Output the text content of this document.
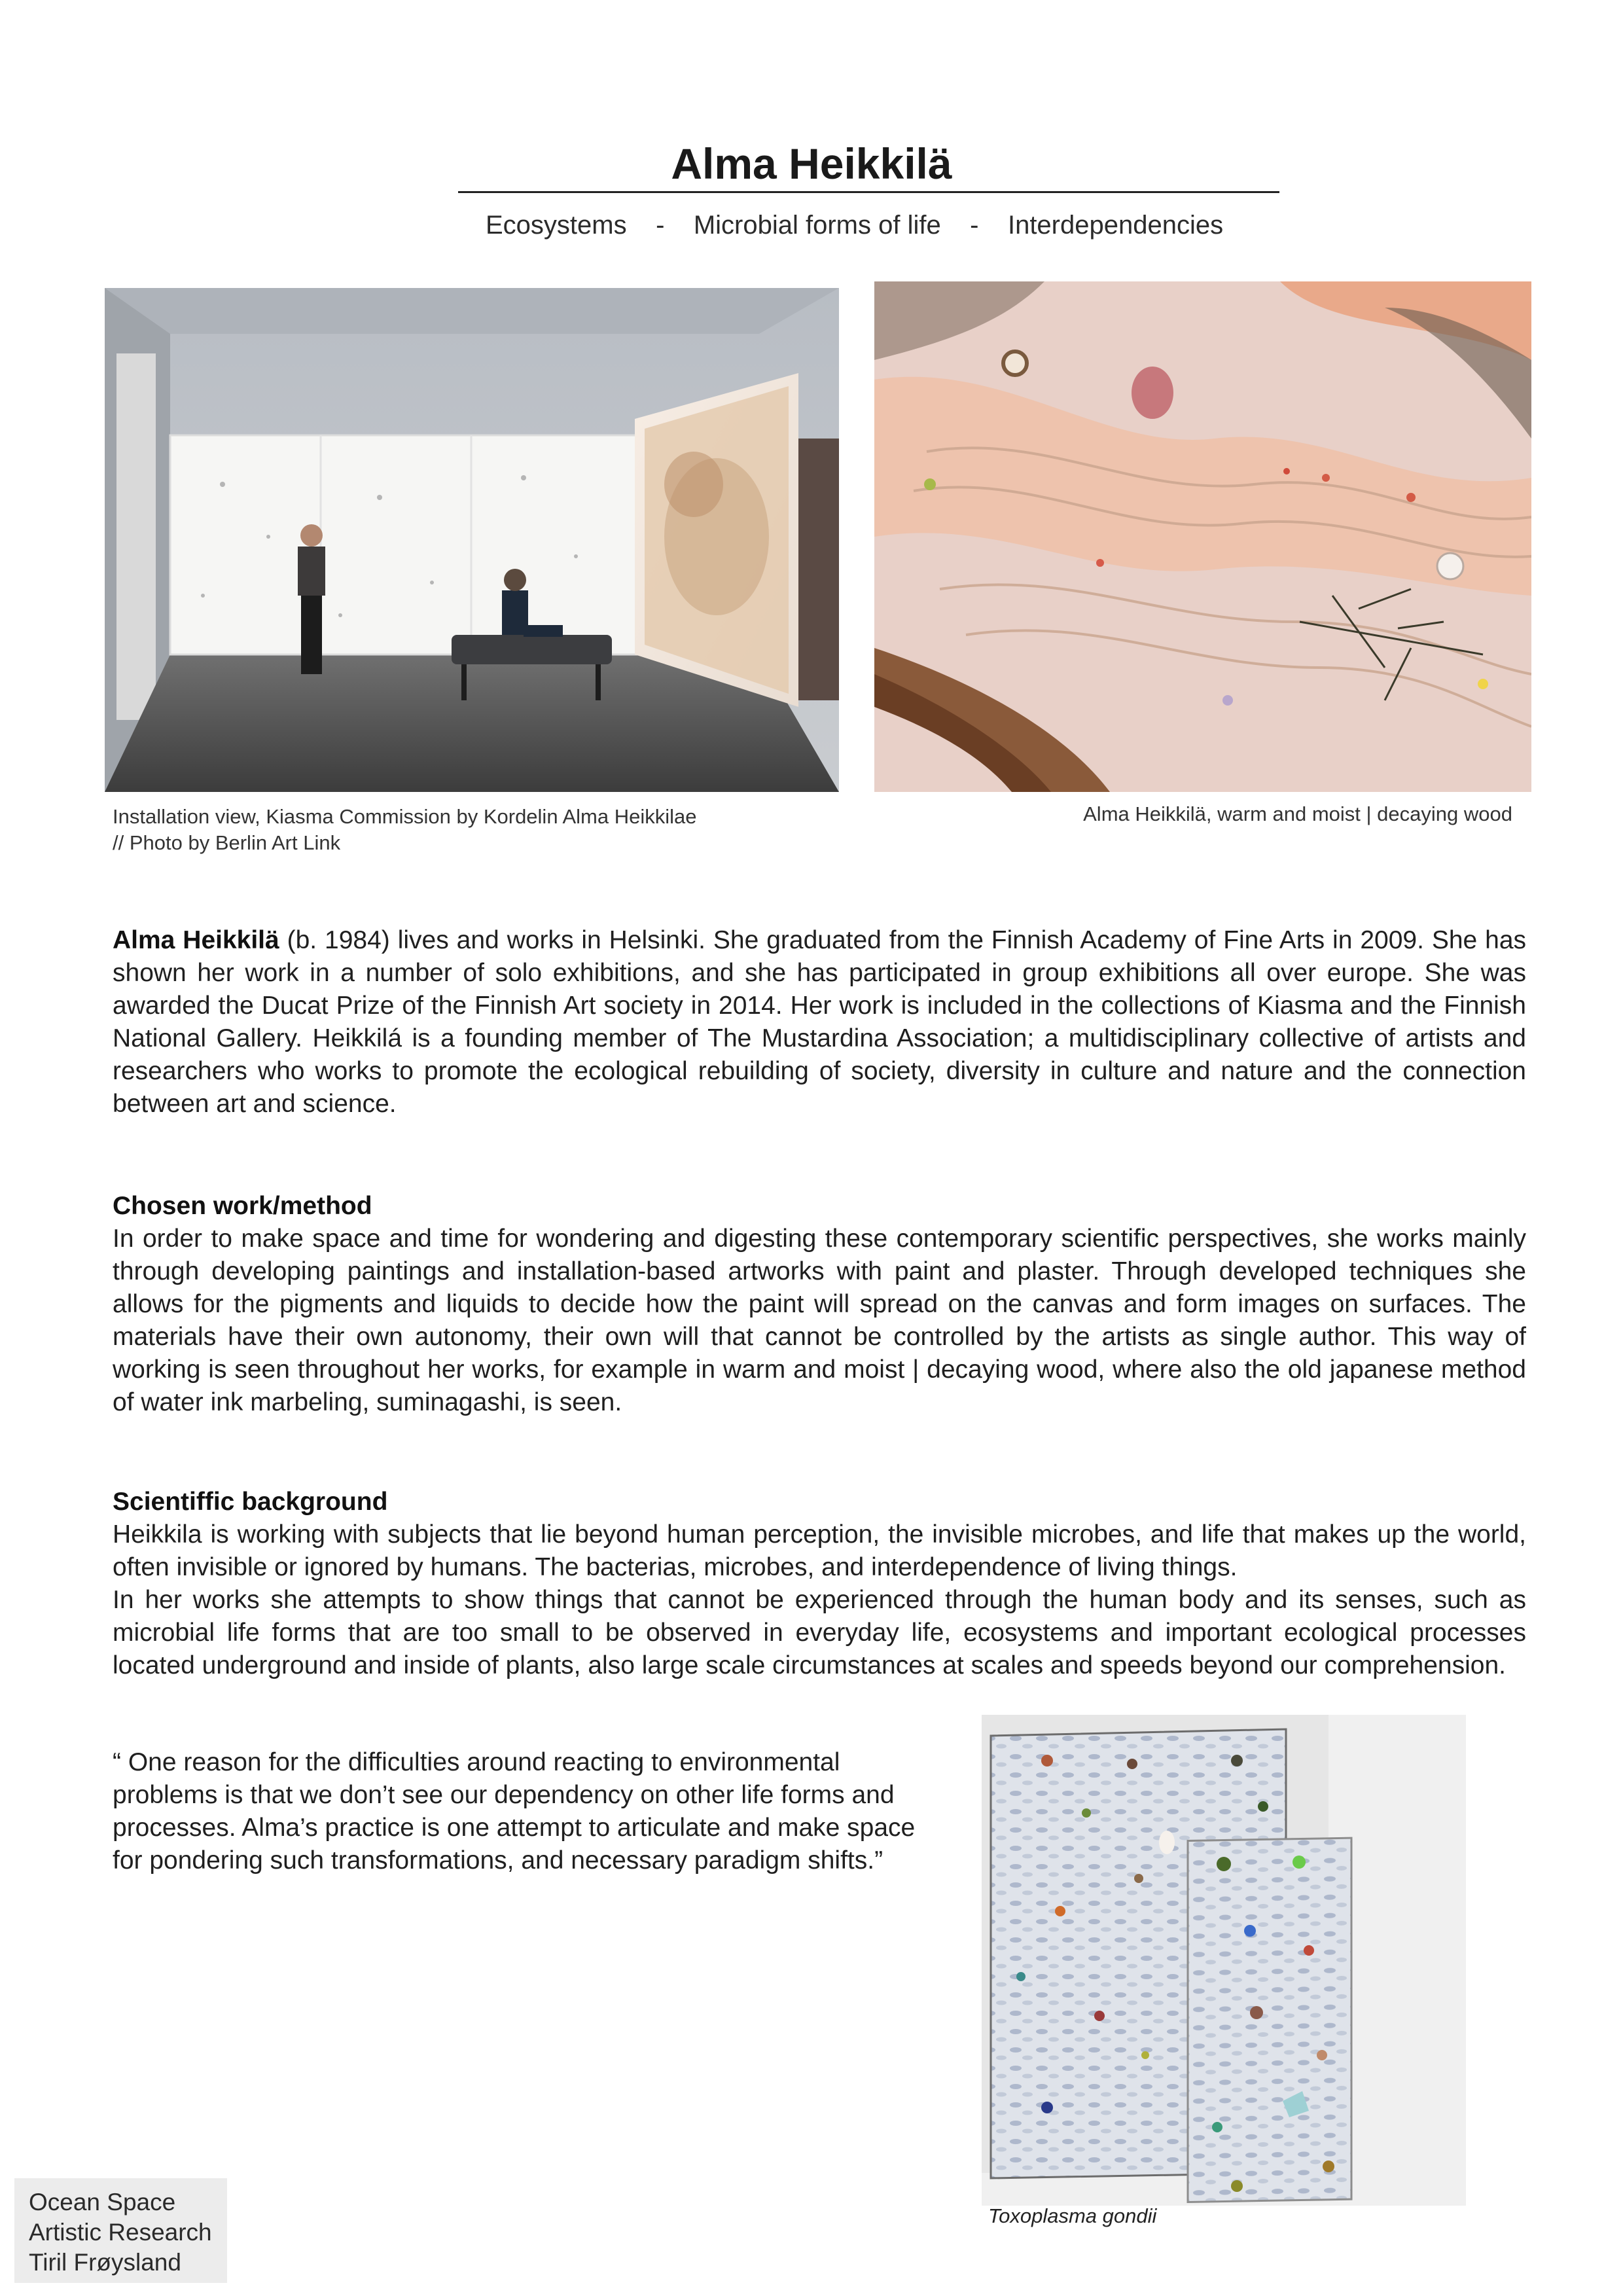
Alma Heikkilä
Ecosystems - Microbial forms of life - Interdependencies
Installation view, Kiasma Commission by Kordelin Alma Heikkilae
// Photo by Berlin Art Link
Alma Heikkilä, warm and moist | decaying wood

Alma Heikkilä (b. 1984) lives and works in Helsinki. She graduated from the Finnish Academy of Fine Arts in 2009. She has shown her work in a number of solo exhibitions, and she has participated in group exhibitions all over europe. She was awarded the Ducat Prize of the Finnish Art society in 2014. Her work is included in the collections of Kiasma and the Finnish National Gallery. Heikkilá is a founding member of The Mustardina Association; a multidisciplinary collective of artists and researchers who works to promote the ecological rebuilding of society, diversity in culture and nature and the connection between art and science.

Chosen work/method
In order to make space and time for wondering and digesting these contemporary scientific perspectives, she works mainly through developing paintings and installation-based artworks with paint and plaster. Through developed techniques she allows for the pigments and liquids to decide how the paint will spread on the canvas and form images on surfaces. The materials have their own autonomy, their own will that cannot be controlled by the artists as single author. This way of working is seen throughout her works, for example in warm and moist | decaying wood, where also the old japanese method of water ink marbeling, suminagashi, is seen.

Scientiffic background
Heikkila is working with subjects that lie beyond human perception, the invisible microbes, and life that makes up the world, often invisible or ignored by humans. The bacterias, microbes, and interdependence of living things.
In her works she attempts to show things that cannot be experienced through the human body and its senses, such as microbial life forms that are too small to be observed in everyday life, ecosystems and important ecological processes located underground and inside of plants, also large scale circumstances at scales and speeds beyond our comprehension.

“ One reason for the difficulties around reacting to environmental problems is that we don’t see our dependency on other life forms and processes. Alma’s practice is one attempt to articulate and make space for pondering such transformations, and necessary paradigm shifts.”

Toxoplasma gondii
Ocean Space
Artistic Research
Tiril Frøysland
